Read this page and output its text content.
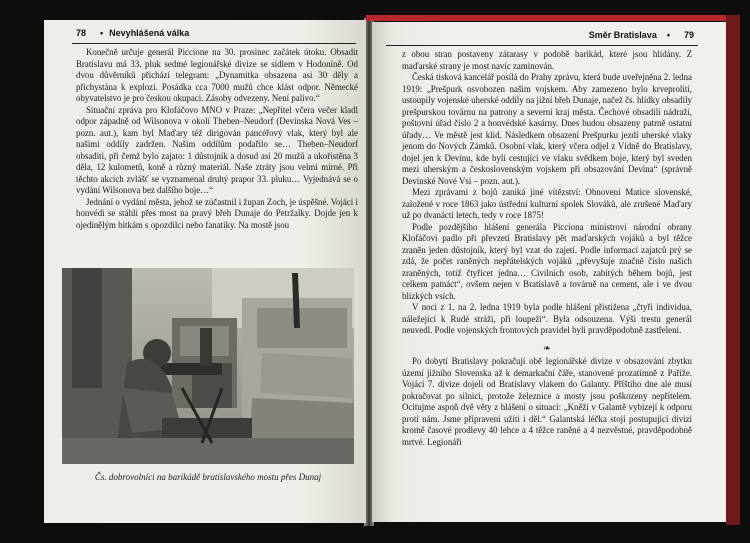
78 • Nevyhlášená válka

Konečně určuje generál Piccione na 30. prosinec začátek útoku. Obsadit Bratislavu má 33. pluk sedmé legionářské divize se sídlem v Hodoníně. Od dvou důvěrníků přichází telegram: „Dynamitka obsazena asi 30 děly a přichystána k explozi. Posádka cca 7000 mužů chce klást odpor. Německé obyvatelstvo je pro českou okupaci. Zásoby odvezeny. Není palivo.“

Situační zpráva pro Klofáčovo MNO v Praze: „Nepřítel včera večer kladl odpor západně od Wilsonova v okolí Theben–Neudorf (Devínska Nová Ves – pozn. aut.), kam byl Maďary též dirigován pancéřový vlak, který byl ale našimi oddíly zadržen. Našim oddílům podařilo se… Theben–Neudorf obsaditi, při čemž bylo zajato: 1 důstojník a dosud asi 20 mužů a ukořistěna 3 děla, 12 kulometů, koně a různý materiál. Naše ztráty jsou velmi mírné. Při těchto akcích zvlášť se vyznamenal druhý prapor 33. pluku… Vyjednává se o vydání Wilsonova bez dalšího boje…“

Jednání o vydání města, jehož se zúčastnil i župan Zoch, je úspěšné. Vojáci i honvédi se stáhli přes most na pravý břeh Dunaje do Petržalky. Dojde jen k ojedinělým bitkám s opozdilci nebo fanatiky. Na mostě jsou

Čs. dobrovolníci na barikádě bratislavského mostu přes Dunaj
Směr Bratislava • 79

z obou stran postaveny zátarasy v podobě barikád, které jsou hlídány. Z maďarské strany je most navíc zaminován.

Česká tisková kancelář posílá do Prahy zprávu, která bude uveřejněna 2. ledna 1919: „Prešpurk osvobozen našim vojskem. Aby zamezeno bylo krveprolití, ustoupily vojenské uherské oddíly na jižní břeh Dunaje, načež čs. hlídky obsadily prešpurskou továrnu na patrony a severní kraj města. Čechové obsadili nádraží, poštovní úřad číslo 2 a honvédské kasárny. Dnes budou obsazeny patrně ostatní úřady… Ve městě jest klid. Následkem obsazení Prešpurku jezdí uherské vlaky jenom do Nových Zámků. Osobní vlak, který včera odjel z Vídně do Bratislavy, dojel jen k Devínu, kde byli cestující ve vlaku svědkem boje, který byl sveden mezi uherským a československým vojskem při obsazování Devína“ (správně Devínské Nové Vsi – pozn. aut.).

Mezi zprávami z bojů zaniká jiné vítězství: Obnovení Matice slovenské, založené v roce 1863 jako ústřední kulturní spolek Slováků, ale zrušené Maďary už po dvanácti letech, tedy v roce 1875!

Podle pozdějšího hlášení generála Picciona ministrovi národní obrany Klofáčovi padlo při převzetí Bratislavy pět maďarských vojáků a byl těžce zraněn jeden důstojník, který byl vzat do zajetí. Podle informací zajatců prý se zdá, že počet raněných nepřátelských vojáků „převyšuje značně číslo našich zraněných, totiž čtyřicet jedna… Civilních osob, zabitých během bojů, jest celkem patnáct“, ovšem nejen v Bratislavě a továrně na cement, ale i ve dvou blízkých vsích.

V noci z 1. na 2. ledna 1919 byla podle hlášení přistižena „čtyři individua, náležející k Rudé stráži, při loupeži“. Byla odsouzena. Výši trestu generál neuvedl. Podle vojenských frontových pravidel byli pravděpodobně zastřeleni.

❧

Po dobytí Bratislavy pokračují obě legionářské divize v obsazování zbytku území jižního Slovenska až k demarkační čáře, stanovené prozatímně z Paříže. Vojáci 7. divize dojeli od Bratislavy vlakem do Galanty. Příštího dne ale musí pokračovat po silnici, protože železnice a mosty jsou poškozeny nepřítelem. Ocitujme aspoň dvě věty z hlášení o situaci: „Kněží v Galantě vybízejí k odporu proti nám. Jsme připraveni užíti i děl.“ Galantská léčka stojí postupující divizi kromě časové prodlevy 40 lehce a 4 těžce raněné a 4 nezvěstné, pravděpodobně mrtvé. Legionáři
